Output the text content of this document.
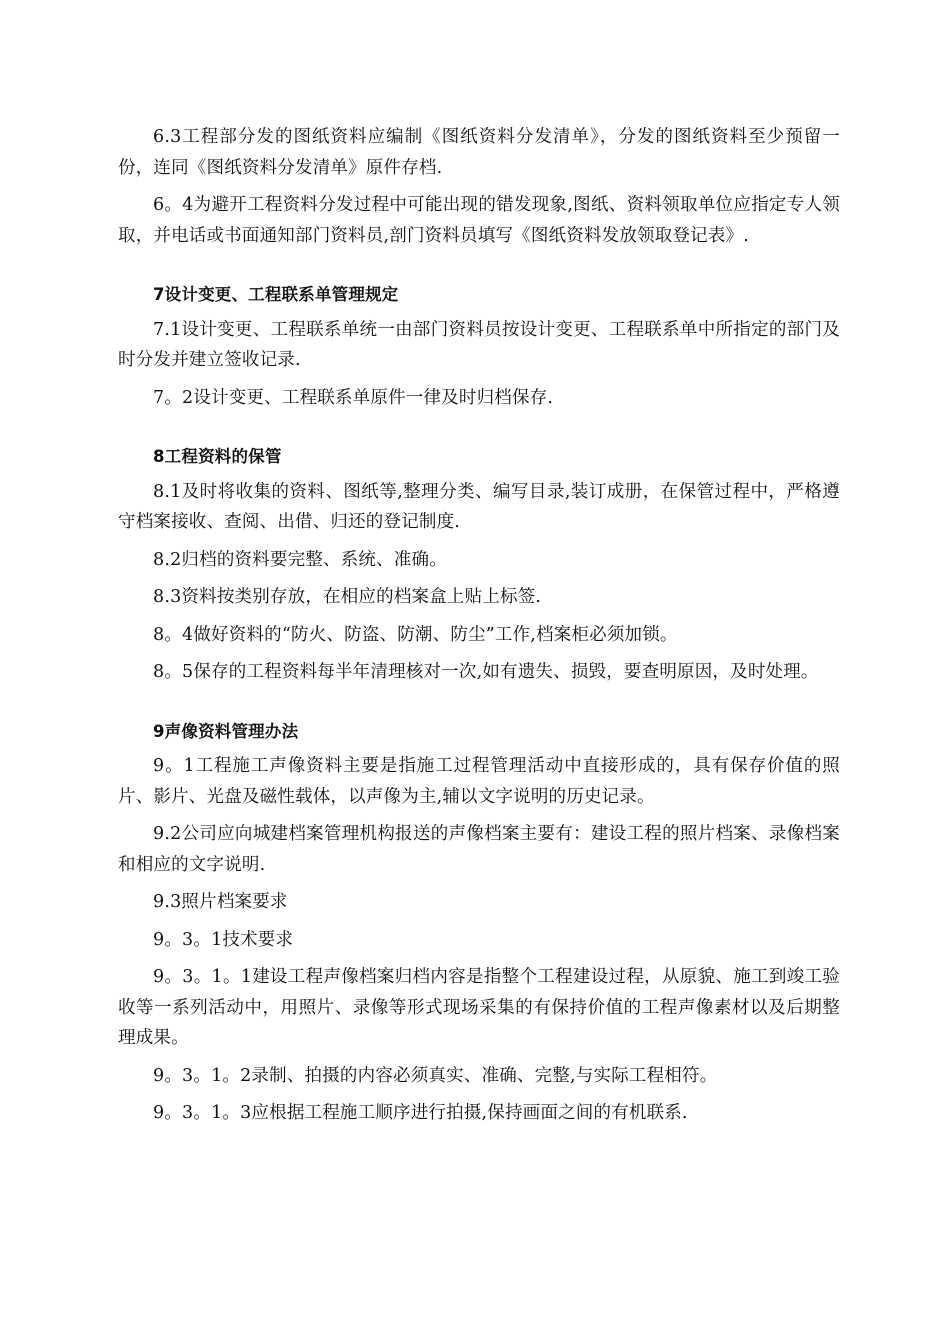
6.3工程部分发的图纸资料应编制《图纸资料分发清单》，分发的图纸资料至少预留一份，连同《图纸资料分发清单》原件存档.

6。4为避开工程资料分发过程中可能出现的错发现象,图纸、资料领取单位应指定专人领取，并电话或书面通知部门资料员,剖门资料员填写《图纸资料发放领取登记表》.

7设计变更、工程联系单管理规定

7.1设计变更、工程联系单统一由部门资料员按设计变更、工程联系单中所指定的部门及时分发并建立签收记录.

7。2设计变更、工程联系单原件一律及时归档保存.

8工程资料的保管

8.1及时将收集的资料、图纸等,整理分类、编写目录,装订成册，在保管过程中，严格遵守档案接收、查阅、出借、归还的登记制度.

8.2归档的资料要完整、系统、准确。

8.3资料按类别存放，在相应的档案盒上贴上标签.

8。4做好资料的“防火、防盗、防潮、防尘”工作,档案柜必须加锁。

8。5保存的工程资料每半年清理核对一次,如有遗失、损毁，要查明原因，及时处理。

9声像资料管理办法

9。1工程施工声像资料主要是指施工过程管理活动中直接形成的，具有保存价值的照片、影片、光盘及磁性载体，以声像为主,辅以文字说明的历史记录。

9.2公司应向城建档案管理机构报送的声像档案主要有：建设工程的照片档案、录像档案和相应的文字说明.

9.3照片档案要求

9。3。1技术要求

9。3。1。1建设工程声像档案归档内容是指整个工程建设过程，从原貌、施工到竣工验收等一系列活动中，用照片、录像等形式现场采集的有保持价值的工程声像素材以及后期整理成果。

9。3。1。2录制、拍摄的内容必须真实、准确、完整,与实际工程相符。

9。3。1。3应根据工程施工顺序进行拍摄,保持画面之间的有机联系.
